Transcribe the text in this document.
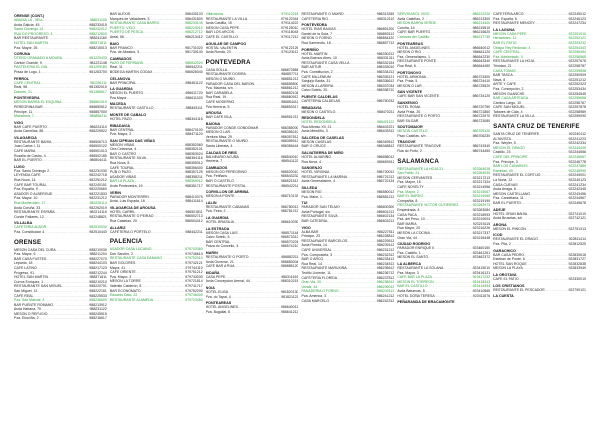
ORENSE (CONT.)
ABADIA LA - VELL .....	988211100
Avda Galicia, 45 .....	988233415
Santo Domingo 14 .....	988242012
RUA DO PROGRESO, 4 .....	988212800
BAR RESTAURANTE .....	988241160
HOTEL SAN MARTIN .....	988371811
Pza. Mayor, 25 .....	988215013
CORUNA
OTERO GRANADO A MOURA .....	981220433
Cantón Grande, 9 .....	981221148
PASTELERIA EL DIA .....	981209180
Praza de Lugo, 1 .....	981263700
FERROL
CAFE CENTRAL .....	981351111
Real, 98 .....	981352010
Dolores, 21 .....	981356617
PONTEVEDRA
MESON BARRA EL ESQUINA .....	986861010
PEREGRINA BAR .....	986850512
Principe, 11 .....	986857000
Michelena, 7 .....	986856211
VIGO
BAR CAFE PUERTO .....	986224110
Avda Camelias, 86 .....	986225522
VILAGARCIA
RESTAURANTE BAHIA .....	986506713
Juan Carlos I, 11 .....	986500122
CAFE MARIA .....	986501013
Rosalia de Castro, 4 .....	986502155
BAR EL PUERTO .....	986504411
LUGO
Pza. Santo Domingo 2 .....	982231030
LEYENDA CAFE .....	982242718
Rua Nova, 14 .....	982251212
CAFE BAR TOURAL .....	982240151
Pza. España, 9 .....	982220660
ASADOR O ALBERGUE .....	982221833
Pza. Mayor, 10 .....	982231212
Rua Montevideo, 17 .....	982226114
Avda Coruña, 33 .....	982262019
RESTAURANTE ESPAÑA .....	982214116
Conde Pallares, 12 .....	982248821
VILLALBA
CAFETERIA ALBOR .....	982510032
Pza. Constitucion 4 .....	982510440
ORENSE
MESON CASA DEL CURA .....	988210030
Pza. Mayor, 6 .....	988211204
BAR CASA FUSTES .....	988227070
Lepanto, 18 .....	988244103
CAFE LATINO .....	988217123
Progreso, 91 .....	988212244
HOTEL SAN MARTIN .....	988371811
Curros Enriquez, 1 .....	988210210
RESTAURANTE SAN MIGUEL .....	988220701
San Miguel, 12 .....	988222151
CAFE REAL .....	988225533
Pza. San Marcial, 3 .....	988236600
BAR PUENTE ROMANO .....	988213912
Avda Habana, 70 .....	988231122
MESON O REFUGIO .....	988245515
Pza. Eirociña, 2 .....	988216617
BAR ALEXIS .....	986430103
Marqués de Valladares, 5 .....	986431800
RESTAURANTE CASA BARRO .....	986233145
PUERTO, VIGO .....	986224010
PUERTO DE PESCA .....	986212712
Areal, 56 .....	986213412
BAIO
BAR FRANCO .....	981731020
Pza. de Abastos, 3 .....	981730140
CAMBADOS
PAZO DE FEFIÑANS .....	986542020
Real, 11 .....	986542211
BODEGA MARTIN CODAX .....	986526040
CELANOVA
BAR PRINCIPAL .....	988451122
LA GUARDIA
MESON EL PUERTO .....	986611720
Pza Mayor .....	986611020
MACEDA
RESTAURANTE CASTILLO .....	988463111
MONTE DE CABALO
HOTEL PAZO .....	988344115
RIBADAVIA
BAR CENTRAL .....	988470100
Pza. Mayor, 2 .....	988471120
SAN CIPRIAN DAS VIÑAS
MESON VIÑAS .....	988352060
Ctra Celanova, 4 .....	988352101
BAR O CASTRO .....	988353024
RESTAURANTE SILVA .....	988354116
Rua Nova, 8 .....	988355312
CAFE TOURAL .....	988356400
PUB O PAZO .....	988357125
ASADOR VIÑAS .....	988358211
BAR LA PLAZA .....	988359012
Avda Pontevedra, 19 .....	988351717
VERIN
PARADOR MONTERREI .....	988410075
Avda. Luis Espada, 16 .....	988411614
VILAGARCIA DE AROUSA
HOTEL CARRIL .....	986501811
RESTAURANTE O PEIRAO .....	986502713
Rua Castelao, 20 .....	986504412
ALLARIZ
CAFETERIA O PORTELO .....	988442211
PALENCIA
ASADOR CASA LUCIANO .....	979743360
Don Sancho, 2 .....	979746610
RESTAURANTE CASA DAMASO .....	979752010
BAR GOLORES .....	979742121
Mayor, 41 .....	979744110
CAFE ORIENTE .....	979751212
Pza. Mayor, 3 .....	979743030
MESON LA TORRE .....	979721814
Valentin Calderón, 8 .....	979741717
BAR ECONOMATO .....	979752200
Eduardo Dato, 22 .....	979746400
RESTAURANTE ALAMEDA .....	979723450
Villaviciosa .....	979112218
RESTAURANTE LA VILLA .....	979122344
Avda Castilla, 15 .....	979114222
MESON CASA PEPE .....	979125010
BAR LOS ARCOS .....	979116044
CAFE EL CASTILLO .....	979117212
AGUILAR DE CAMPOO
HOSTAL VALENTIN .....	979122125
Avda Ronda, 23 .....	979123112
PONTEVEDRA
CASA SOLLA .....	986872884
RESTAURANTE DOSIRA .....	986857711
MESON O MUIÑO .....	986851212
PARADOR CASA DEL BARON .....	986855800
Pza. Maceda, s/n .....	986861212
BAR CARABELA .....	986852104
Rua Real, 19 .....	986860912
CAFE MODERNO .....	986854411
Pza Herrería, 5 .....	986853317
AROUSA
BAR CAFE ISLA .....	986551212
BAIONA
PARADOR CONDE GONDOMAR .....	986355000
MESON O LAR .....	986356210
Ventura Misa, 25 .....	986357812
RESTAURANTE O MUIÑO .....	986355912
Santa Liberata, 4 .....	986356444
CALDAS DE REIS
BALNEARIO ACUÑA .....	986540010
Herreria, 7 .....	986541122
CAMBADOS
MESON DO PEREGRINO .....	986520010
Pza. Fefiñans .....	986543232
BAR O CASTELO .....	986521512
RESTAURANTE POSTAL .....	986542211
CORVILLON DE ARRIBA
MESON A PONTE .....	986710133
LALIN
RESTAURANTE CABANAS .....	986780012
Pza. Feira, 2 .....	986781212
LA GUARDIA
HOTEL BRASILIA .....	986610030
LA ESTRADA
MESON CASA LUIS .....	986571144
Calvo Sotelo, 5 .....	986573312
BAR CENTRAL .....	986570224
Praza do Concello, 3 .....	986574210
MARIN
RESTAURANTE O PORTO .....	986882211
Avda Ourense, 21 .....	986883004
CAFE BAR A RUA .....	986885120
MOAÑA
CASA PEPE .....	986311616
Avda Concepcion Arenal, 44 .....	986310215
NOIA
HOTEL ELISA .....	981820130
Pza. do Tapal, 4 .....	981821122
PONTEAREAS
HOTEL ANGELINES .....	986640012
Pza. Bugallal, 8 .....	986641212
RESTAURANTE O MUIÑO .....	986313345
CAFETERIA RIO .....	986312110
PONTEVEDRA
HOTEL RIAS BAIXAS .....	986851200
Daniel de la Sota, 7 .....	986853112
MESON O FORNO .....	986854420
Rua Sarmiento, 18 .....	986857712
PORRIÑO
HOTEL MARTIN .....	986330212
Avda Buenos Aires, 10 .....	986331311
RESTAURANTE CASA VELLA .....	986332154
BAR ASTUR .....	986333010
Pza. Constitución, 2 .....	986334212
CAFE MILLENIUM .....	986335121
Sanjurjo Badía, 31 .....	986336612
MESON A LAREIRA .....	986337034
Calvo Sotelo, 20 .....	986338710
PUENTE CALDELAS
CAFETERIA CALDELAS .....	986750232
RIBADAVIA
MESON O CASTELO .....	988470211
REDONDELA
HOTEL REDONDELA .....	986401122
Rua Alfonso XII, 21 .....	986402221
Avda Mendiño, 3 .....	986403312
SALCEDA DE CASELAS
MESON CASELAS .....	986349512
BAR O CRUCE .....	986348812
SALVATIERRA DE MIÑO
HOTEL ALVARIÑO .....	986658012
Rua Nova, 4 .....	986659011
SANGENJO
HOTEL VIRGINIA .....	986720012
RESTAURANTE LA MARINA .....	986721212
Avda Generalísimo, 4 .....	986722134
SILLEDA
MESON RIO .....	986580012
Pza. Maior, 1 .....	986581212
TUI
PARADOR SAN TELMO .....	986600300
Avda Portugal, s/n .....	986601212
RESTAURANTE SILVA .....	986602134
BAR CATEDRAL .....	986603212
VIGO
ALBA BAR .....	986227511
Principe, 23 .....	986228812
RESTAURANTE BARCELOS .....	986229512
Avda Florida, 14 .....	986230112
CAFE UNIVERSAL .....	986231212
Pza. Compostela, 3 .....	986232312
BAR O ARCO .....	986233412
Rua Real, 14 .....	986234512
RESTAURANTE MARUXIÑA .....	986235612
Teófilo Llorente, 11 .....	986236712
CAFETERIA FLORIDA .....	986237812
Gran Via, 20 .....	986238912
Urzaiz, 44 .....	986239012
PANADERIA O FORNO .....	986240112
Pza. America, 3 .....	986241212
CASA MARCELO .....	986242312
SERVIGASOL VIGO .....	986212220
Avda Castelao, 2 .....	986213300
MESON BARRA VERDE .....	986214400
Coruña, 14 .....	986215510
CAFE BAR PUERTO .....	986216620
Canovas del Castillo .....	986217730
PONTEAREAS
HOTEL ANGELINES .....	986640012
MESON O RIO .....	986641120
Pza. Generalísimo, 1 .....	986642230
RESTAURANTE PONTE .....	986643340
Rua Real, 6 .....	986644450
PORTONOVO
HOTEL ARMONIA .....	986723300
Pza. Praia, 5 .....	986724410
MESON O LAR .....	986725520
SAN VICENTE
CAFE BAR SAN VICENTE .....	986734120
SANXENXO
HOTEL ROMA .....	986720750
Avda Praia, 20 .....	986721860
RESTAURANTE O PORTO .....	986722970
BAR SILGAR .....	986723080
SOUTOMAIOR
MESON CASTELO .....	986705120
Pazo Casiñas, s/n .....	986706230
TRAGOVE
RESTAURANTE TRAGOVE .....	986743340
Rua do Porto, 2 .....	986744450
SALAMANCA
RESTAURANTE LA HOJA 21 .....	923264028
San Pablo, 21 .....	923264039
MESON CERVANTES .....	923217213
Pza. Mayor, 15 .....	923217324
CAFE NOVELTY .....	923214956
Pza. Mayor, 2 .....	923215067
BAR EL BARDO .....	923219089
Compañía, 8 .....	923219190
RESTAURANTE VICTOR GUTIERREZ .....	923262973
Empedrada, 4 .....	923263084
CASA PACA .....	923218993
Pza. del Peso, 10 .....	923219004
BAR MARIA .....	923215115
Rua Mayor, 20 .....	923216226
MESON LA COCINA .....	923217337
Gran Via, 44 .....	923218448
CIUDAD RODRIGO
PARADOR ENRIQUE II .....	923460150
Pza. Castillo, 1 .....	923461261
MESON EL SANTO .....	923462372
LA ALBERCA
RESTAURANTE LA SOLANA .....	923415010
Pza. Mayor, 3 .....	923416121
CAFE BAR LA PLAZA .....	923417232
MESON EL TORREON .....	923418343
BAR EL CASTILLO .....	923419454
Avda Batuecas, 8 .....	923410565
HOTEL DOÑA TERESA .....	923411676
PEÑARANDA DE BRACAMONTE
CAFETERIA ARCO .....	922245012
Pza. España, 6 .....	922246123
RESTAURANTE MENCEY .....	922247234
LA LAGUNA
MESON CASA PEPE .....	922251010
Herradores, 12 .....	922252121
BAR EL PATIO .....	922253232
Obispo Rey Redondo, 4 .....	922254343
CAFE CENTRAL .....	922255454
Pza. Adelantado, 3 .....	922256565
RESTAURANTE LA HOJA .....	922257676
Trinidad, 21 .....	922258787
CASA TOMAS .....	922259898
BAR TASCA .....	922250909
Nava, 8 .....	922251212
ARTE Y CAFE .....	922252323
Pza. Concepción, 2 .....	922253434
MESON GUANCHE .....	922254545
BAR CASA ARTEAGA .....	922255656
Camino Largo, 10 .....	922256767
CAFE SAN MIGUEL .....	922257878
Tabares de Cala, 4 .....	922258989
RESTAURANTE LA VILLA .....	922259090
SANTA CRUZ DE TENERIFE
SANTA CRUZ DE TENERIFE .....	922240112
ALTAVISTA .....	922241223
Pza. Weyler, 5 .....	922242334
MESON EL DRAGO .....	922243445
Castillo, 23 .....	922244556
CAFE DEL PRINCIPE .....	922245667
Pza. Principe, 3 .....	922246778
BAR LOS CANARIOS .....	922247889
Ramblas, 40 .....	922248990
RESTAURANTE EL CORTIJO .....	922249001
La Noria, 12 .....	922240123
CASA CUEVAS .....	922241234
Avda Anaga, 8 .....	922242345
MESON CASTELLANO .....	922243456
Pza. Candelaria, 11 .....	922244567
BAR EL PUERTO .....	922245678
ADEJE
HOTEL GRAN BAHIA .....	922741010
Avda Bruselas, s/n .....	922742121
ARONA
MESON EL RINCON .....	922751313
ICOD
RESTAURANTE EL DRAGO .....	922811414
Pza. Pila, 2 .....	922812525
GARACHICO
BAR CASA PEDRO .....	922830616
Esteban de Ponte, 6 .....	922831727
HOTEL SAN ROQUE .....	922832838
MESON LA PLAYA .....	922833949
LA OROTAVA
CAFE EL PATIO .....	922330010
LOS CRISTIANOS
RESTAURANTE EL PESCADOR .....	922790121
LA CUESTA
